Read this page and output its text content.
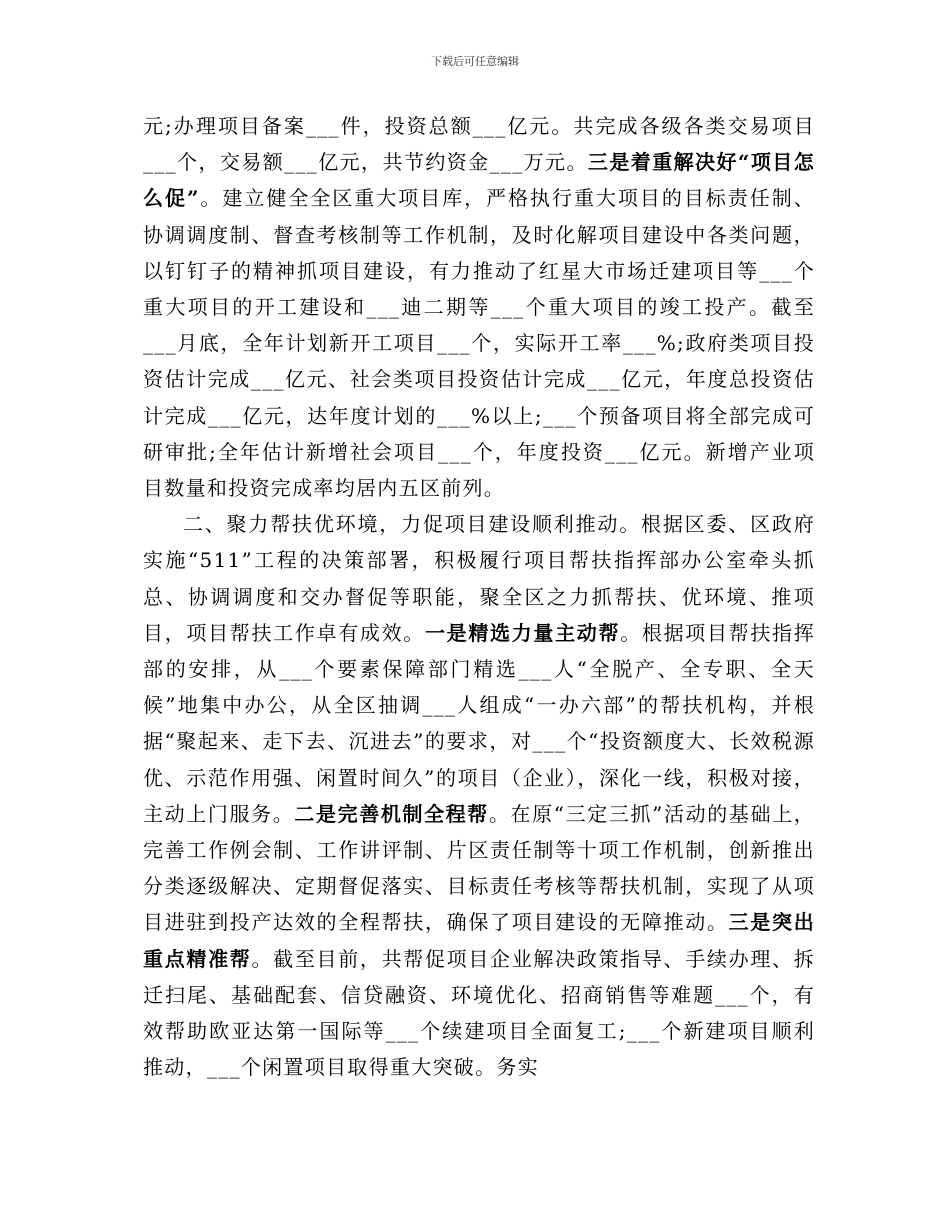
下载后可任意编辑

元;办理项目备案___件，投资总额___亿元。共完成各级各类交易项目___个，交易额___亿元，共节约资金___万元。三是着重解决好“项目怎么促”。建立健全全区重大项目库，严格执行重大项目的目标责任制、协调调度制、督查考核制等工作机制，及时化解项目建设中各类问题，以钉钉子的精神抓项目建设，有力推动了红星大市场迁建项目等___个重大项目的开工建设和___迪二期等___个重大项目的竣工投产。截至___月底，全年计划新开工项目___个，实际开工率___%;政府类项目投资估计完成___亿元、社会类项目投资估计完成___亿元，年度总投资估计完成___亿元，达年度计划的___%以上;___个预备项目将全部完成可研审批;全年估计新增社会项目___个，年度投资___亿元。新增产业项目数量和投资完成率均居内五区前列。

二、聚力帮扶优环境，力促项目建设顺利推动。根据区委、区政府实施“511”工程的决策部署，积极履行项目帮扶指挥部办公室牵头抓总、协调调度和交办督促等职能，聚全区之力抓帮扶、优环境、推项目，项目帮扶工作卓有成效。一是精选力量主动帮。根据项目帮扶指挥部的安排，从___个要素保障部门精选___人“全脱产、全专职、全天候”地集中办公，从全区抽调___人组成“一办六部”的帮扶机构，并根据“聚起来、走下去、沉进去”的要求，对___个“投资额度大、长效税源优、示范作用强、闲置时间久”的项目（企业），深化一线，积极对接，主动上门服务。二是完善机制全程帮。在原“三定三抓”活动的基础上，完善工作例会制、工作讲评制、片区责任制等十项工作机制，创新推出分类逐级解决、定期督促落实、目标责任考核等帮扶机制，实现了从项目进驻到投产达效的全程帮扶，确保了项目建设的无障推动。三是突出重点精准帮。截至目前，共帮促项目企业解决政策指导、手续办理、拆迁扫尾、基础配套、信贷融资、环境优化、招商销售等难题___个，有效帮助欧亚达第一国际等___个续建项目全面复工;___个新建项目顺利推动，___个闲置项目取得重大突破。务实
